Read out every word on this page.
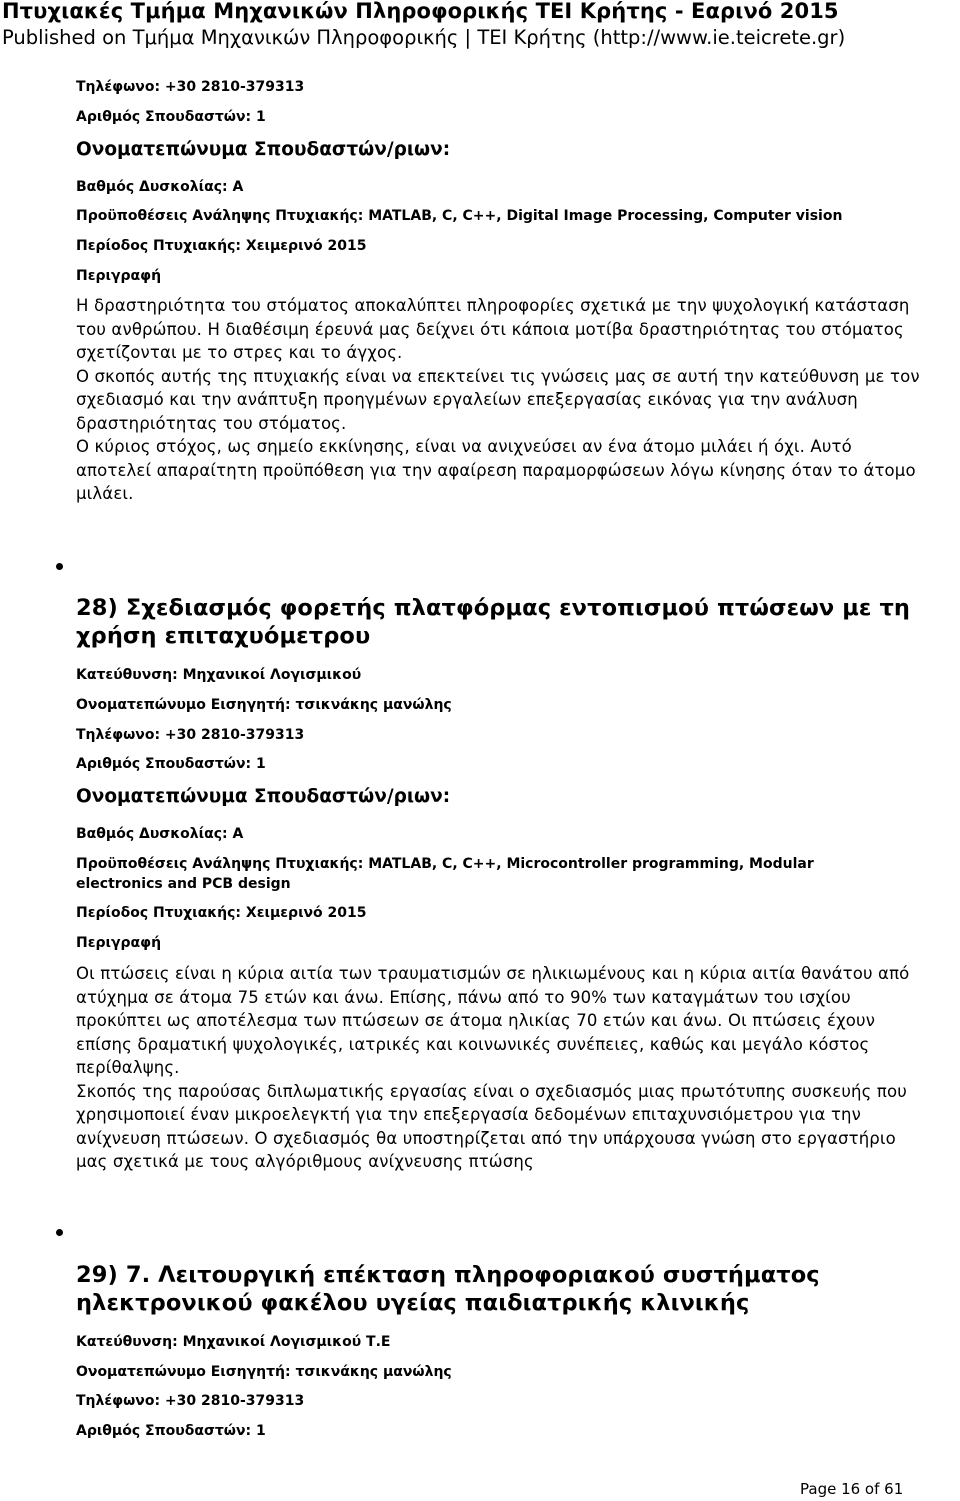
Πτυχιακές Τμήμα Μηχανικών Πληροφορικής ΤΕΙ Κρήτης - Εαρινό 2015

Published on Τμήμα Μηχανικών Πληροφορικής | ΤΕΙ Κρήτης (http://www.ie.teicrete.gr)

Τηλέφωνο: +30 2810-379313

Αριθμός Σπουδαστών: 1

Ονοματεπώνυμα Σπουδαστών/ριων:

Βαθμός Δυσκολίας: Α

Προϋποθέσεις Ανάληψης Πτυχιακής: MATLAB, C, C++, Digital Image Processing, Computer vision

Περίοδος Πτυχιακής: Χειμερινό 2015

Περιγραφή

Η δραστηριότητα του στόματος αποκαλύπτει πληροφορίες σχετικά με την ψυχολογική κατάσταση του ανθρώπου. Η διαθέσιμη έρευνά μας δείχνει ότι κάποια μοτίβα δραστηριότητας του στόματος σχετίζονται με το στρες και το άγχος.

Ο σκοπός αυτής της πτυχιακής είναι να επεκτείνει τις γνώσεις μας σε αυτή την κατεύθυνση με τον σχεδιασμό και την ανάπτυξη προηγμένων εργαλείων επεξεργασίας εικόνας για την ανάλυση δραστηριότητας του στόματος.

Ο κύριος στόχος, ως σημείο εκκίνησης, είναι να ανιχνεύσει αν ένα άτομο μιλάει ή όχι. Αυτό αποτελεί απαραίτητη προϋπόθεση για την αφαίρεση παραμορφώσεων λόγω κίνησης όταν το άτομο μιλάει.

28) Σχεδιασμός φορετής πλατφόρμας εντοπισμού πτώσεων με τη χρήση επιταχυόμετρου

Κατεύθυνση: Μηχανικοί Λογισμικού

Ονοματεπώνυμο Εισηγητή: τσικνάκης μανώλης

Τηλέφωνο: +30 2810-379313

Αριθμός Σπουδαστών: 1

Ονοματεπώνυμα Σπουδαστών/ριων:

Βαθμός Δυσκολίας: Α

Προϋποθέσεις Ανάληψης Πτυχιακής: MATLAB, C, C++, Microcontroller programming, Modular electronics and PCB design

Περίοδος Πτυχιακής: Χειμερινό 2015

Περιγραφή

Οι πτώσεις είναι η κύρια αιτία των τραυματισμών σε ηλικιωμένους και η κύρια αιτία θανάτου από ατύχημα σε άτομα 75 ετών και άνω. Επίσης, πάνω από το 90% των καταγμάτων του ισχίου προκύπτει ως αποτέλεσμα των πτώσεων σε άτομα ηλικίας 70 ετών και άνω. Οι πτώσεις έχουν επίσης δραματική ψυχολογικές, ιατρικές και κοινωνικές συνέπειες, καθώς και μεγάλο κόστος περίθαλψης.

Σκοπός της παρούσας διπλωματικής εργασίας είναι ο σχεδιασμός μιας πρωτότυπης συσκευής που χρησιμοποιεί έναν μικροελεγκτή για την επεξεργασία δεδομένων επιταχυνσιόμετρου για την ανίχνευση πτώσεων. Ο σχεδιασμός θα υποστηρίζεται από την υπάρχουσα γνώση στο εργαστήριο μας σχετικά με τους αλγόριθμους ανίχνευσης πτώσης

29) 7. Λειτουργική επέκταση πληροφοριακού συστήματος ηλεκτρονικού φακέλου υγείας παιδιατρικής κλινικής

Κατεύθυνση: Μηχανικοί Λογισμικού Τ.Ε

Ονοματεπώνυμο Εισηγητή: τσικνάκης μανώλης

Τηλέφωνο: +30 2810-379313

Αριθμός Σπουδαστών: 1

Page 16 of 61
